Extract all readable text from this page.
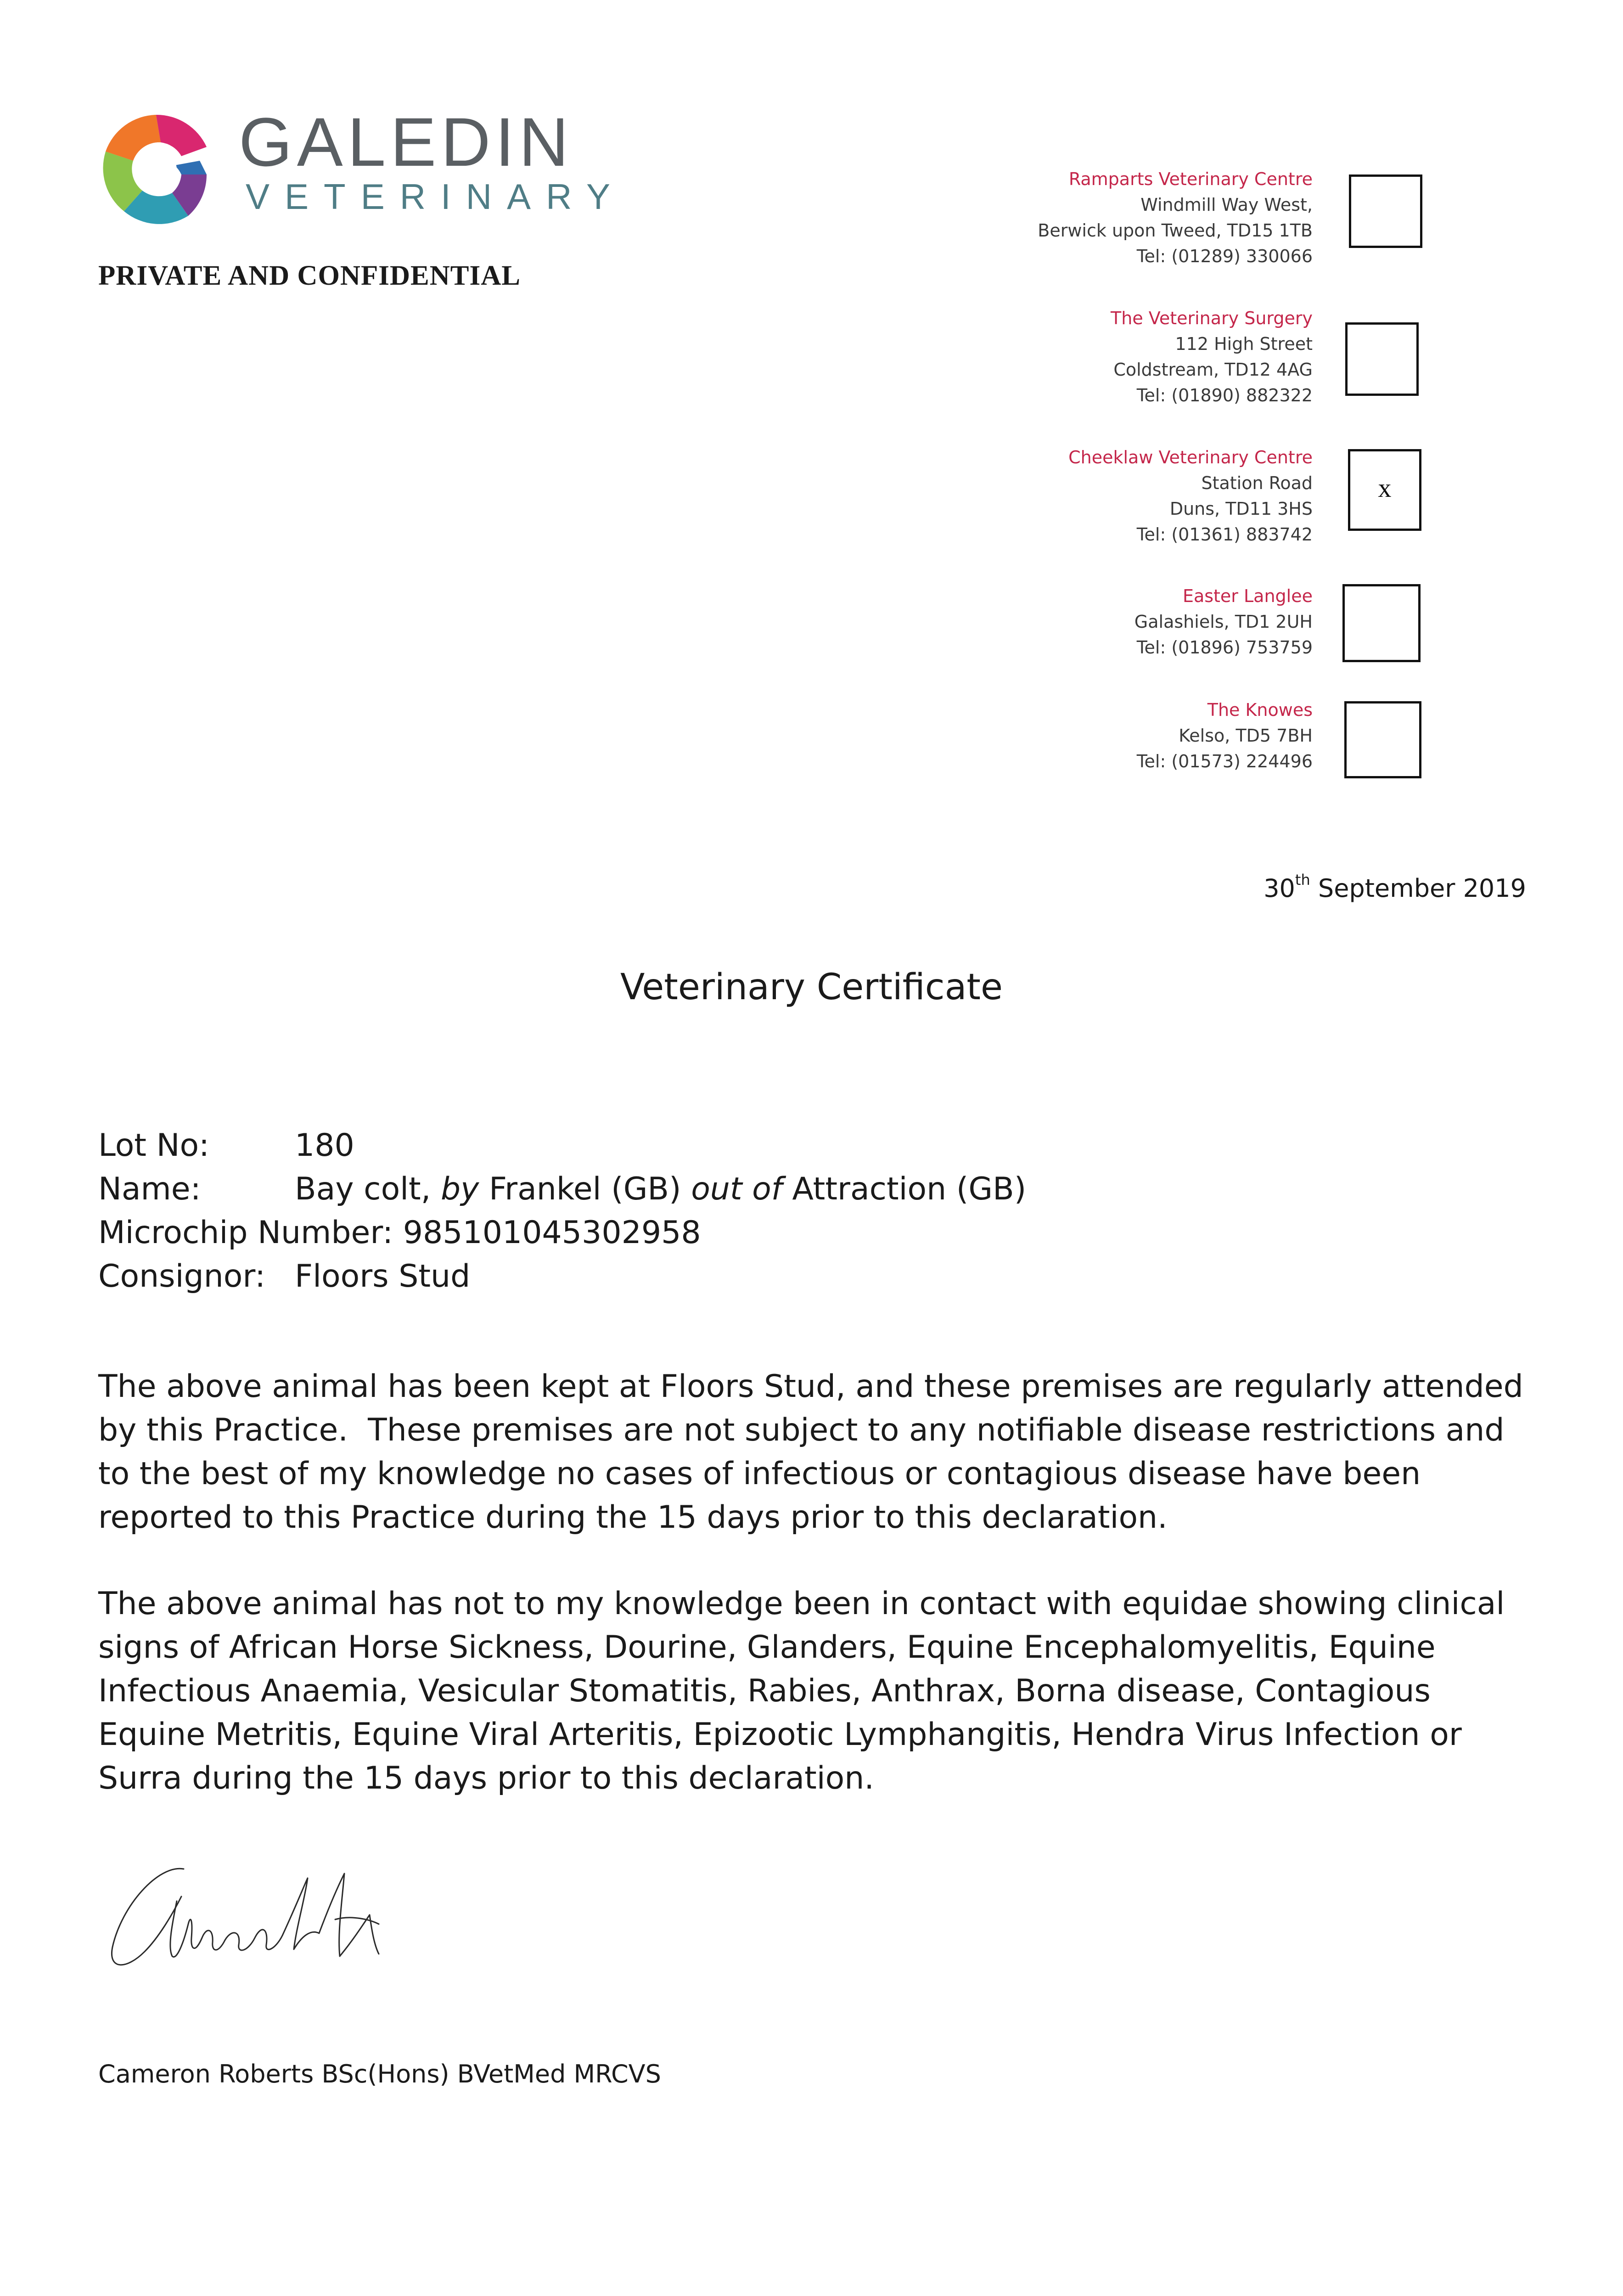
GALEDIN
VETERINARY
PRIVATE AND CONFIDENTIAL
Ramparts Veterinary Centre
Windmill Way West,
Berwick upon Tweed, TD15 1TB
Tel: (01289) 330066
The Veterinary Surgery
112 High Street
Coldstream, TD12 4AG
Tel: (01890) 882322
Cheeklaw Veterinary Centre
Station Road
Duns, TD11 3HS
Tel: (01361) 883742
x
Easter Langlee
Galashiels, TD1 2UH
Tel: (01896) 753759
The Knowes
Kelso, TD5 7BH
Tel: (01573) 224496
30th September 2019
Veterinary Certificate
Lot No:	180
Name:	Bay colt, by Frankel (GB) out of Attraction (GB)
Microchip Number: 985101045302958
Consignor: Floors Stud
The above animal has been kept at Floors Stud, and these premises are regularly attended by this Practice.  These premises are not subject to any notifiable disease restrictions and to the best of my knowledge no cases of infectious or contagious disease have been reported to this Practice during the 15 days prior to this declaration.
The above animal has not to my knowledge been in contact with equidae showing clinical signs of African Horse Sickness, Dourine, Glanders, Equine Encephalomyelitis, Equine Infectious Anaemia, Vesicular Stomatitis, Rabies, Anthrax, Borna disease, Contagious Equine Metritis, Equine Viral Arteritis, Epizootic Lymphangitis, Hendra Virus Infection or Surra during the 15 days prior to this declaration.
Cameron Roberts BSc(Hons) BVetMed MRCVS
